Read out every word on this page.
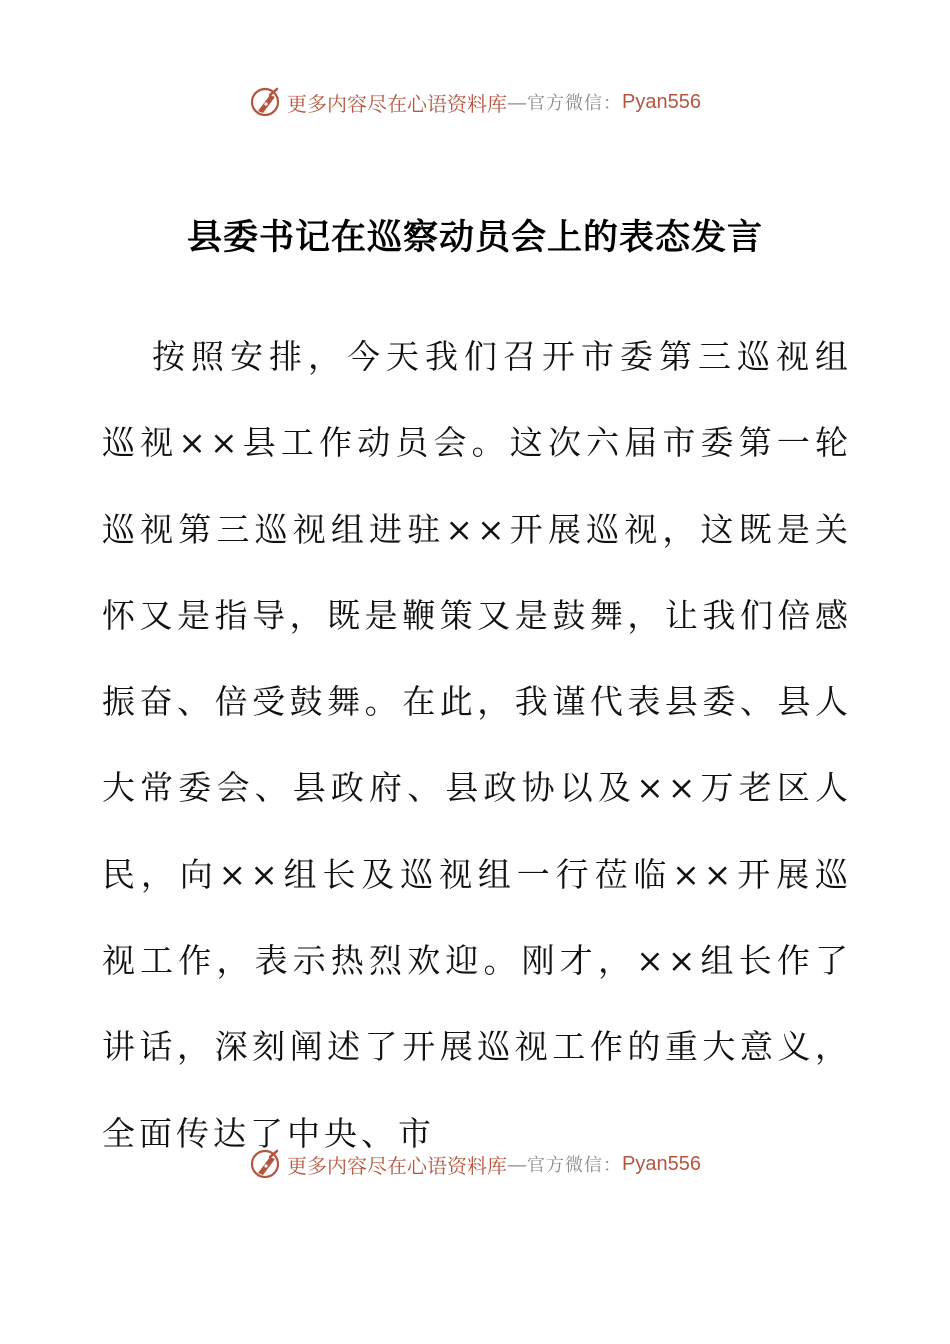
更多内容尽在心语资料库 — 官方微信： Pyan556
县委书记在巡察动员会上的表态发言

按照安排，今天我们召开市委第三巡视组巡视××县工作动员会。这次六届市委第一轮巡视第三巡视组进驻××开展巡视，这既是关怀又是指导，既是鞭策又是鼓舞，让我们倍感振奋、倍受鼓舞。在此，我谨代表县委、县人大常委会、县政府、县政协以及××万老区人民，向××组长及巡视组一行莅临××开展巡视工作，表示热烈欢迎。刚才，××组长作了讲话，深刻阐述了开展巡视工作的重大意义，全面传达了中央、市

更多内容尽在心语资料库 — 官方微信： Pyan556
